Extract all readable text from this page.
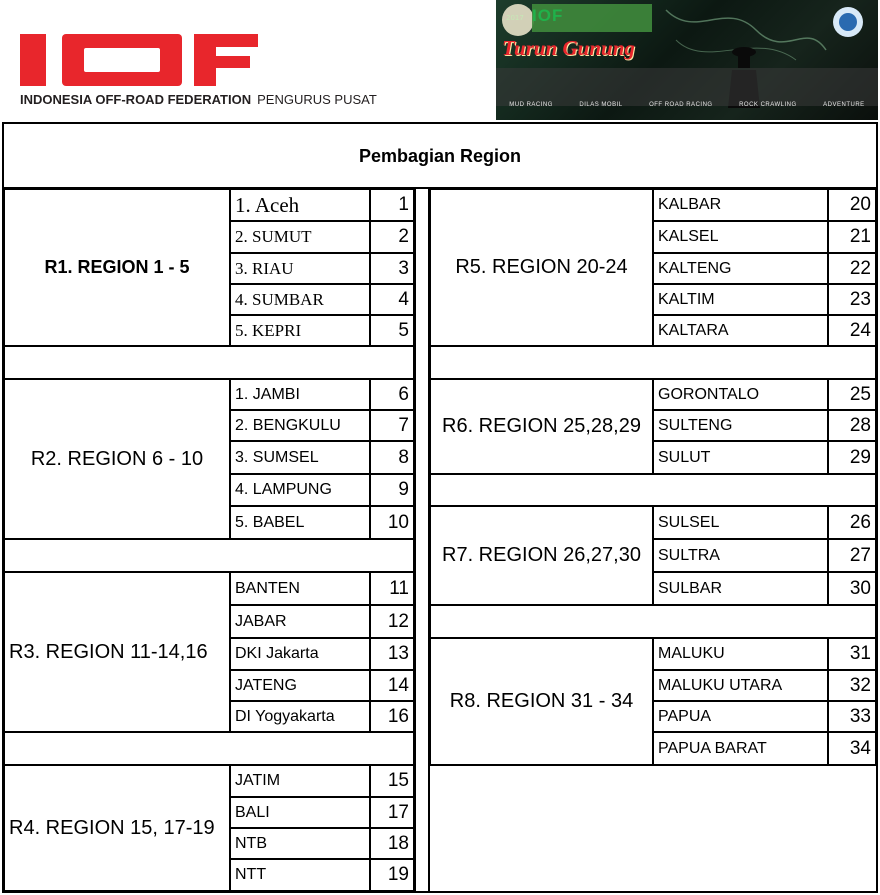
INDONESIA OFF-ROAD FEDERATION PENGURUS PUSAT
2017 IOF
Turun Gunung
MUD RACING	DILAS MOBIL	OFF ROAD RACING	ROCK CRAWLING	ADVENTURE
Pembagian Region
R1. REGION 1 - 5
1. Aceh	1
2. SUMUT	2
3. RIAU	3
4. SUMBAR	4
5. KEPRI	5
R2. REGION 6 - 10
1. JAMBI	6
2. BENGKULU	7
3. SUMSEL	8
4. LAMPUNG	9
5. BABEL	10
R3. REGION 11-14,16
BANTEN	11
JABAR	12
DKI Jakarta	13
JATENG	14
DI Yogyakarta	16
R4. REGION 15, 17-19
JATIM	15
BALI	17
NTB	18
NTT	19
R5. REGION 20-24
KALBAR	20
KALSEL	21
KALTENG	22
KALTIM	23
KALTARA	24
R6. REGION 25,28,29
GORONTALO	25
SULTENG	28
SULUT	29
R7. REGION 26,27,30
SULSEL	26
SULTRA	27
SULBAR	30
R8. REGION 31 - 34
MALUKU	31
MALUKU UTARA	32
PAPUA	33
PAPUA BARAT	34
